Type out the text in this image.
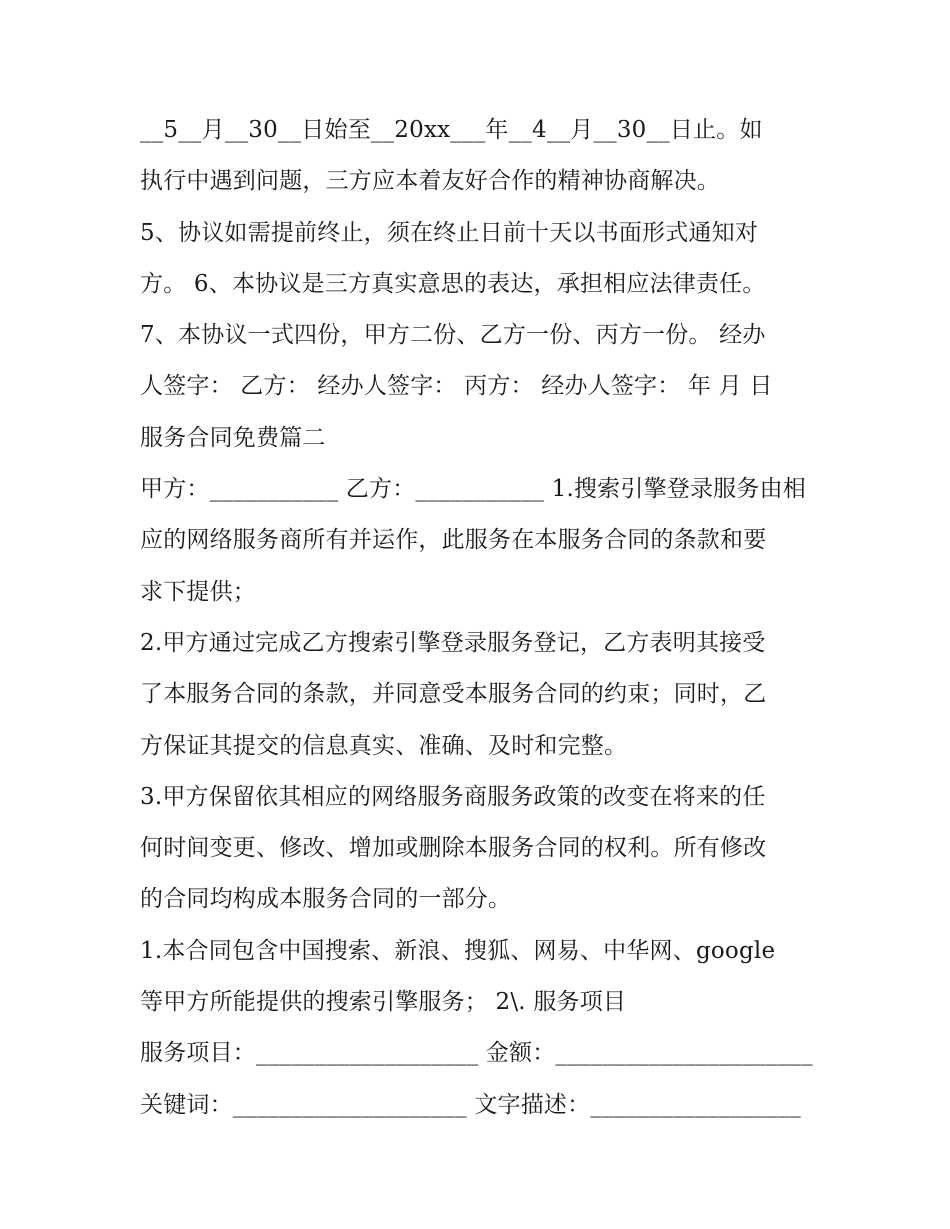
__5__月__30__日始至__20xx___年__4__月__30__日止。如
执行中遇到问题，三方应本着友好合作的精神协商解决。
5、协议如需提前终止，须在终止日前十天以书面形式通知对
方。 6、本协议是三方真实意思的表达，承担相应法律责任。
7、本协议一式四份，甲方二份、乙方一份、丙方一份。 经办
人签字： 乙方： 经办人签字： 丙方： 经办人签字： 年 月 日
服务合同免费篇二
甲方：___________ 乙方：___________ 1.搜索引擎登录服务由相
应的网络服务商所有并运作，此服务在本服务合同的条款和要
求下提供；
2.甲方通过完成乙方搜索引擎登录服务登记，乙方表明其接受
了本服务合同的条款，并同意受本服务合同的约束；同时，乙
方保证其提交的信息真实、准确、及时和完整。
3.甲方保留依其相应的网络服务商服务政策的改变在将来的任
何时间变更、修改、增加或删除本服务合同的权利。所有修改
的合同均构成本服务合同的一部分。
1.本合同包含中国搜索、新浪、搜狐、网易、中华网、google
等甲方所能提供的搜索引擎服务； 2\. 服务项目
服务项目：___________________ 金额：______________________
关键词：____________________ 文字描述：__________________
